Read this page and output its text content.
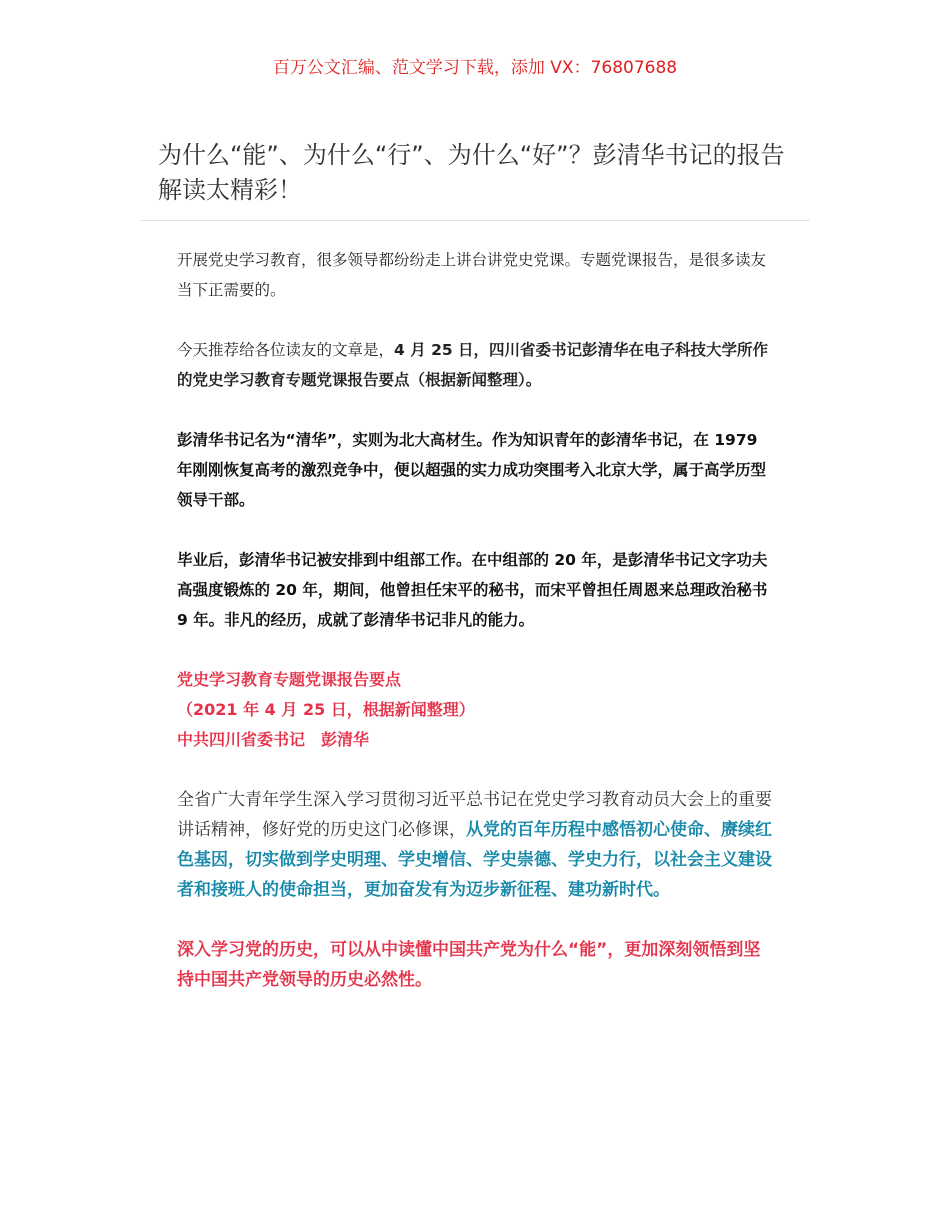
百万公文汇编、范文学习下载，添加 VX：76807688
为什么“能”、为什么“行”、为什么“好”？彭清华书记的报告解读太精彩！

开展党史学习教育，很多领导都纷纷走上讲台讲党史党课。专题党课报告，是很多读友当下正需要的。

今天推荐给各位读友的文章是，4 月 25 日，四川省委书记彭清华在电子科技大学所作的党史学习教育专题党课报告要点（根据新闻整理）。

彭清华书记名为“清华”，实则为北大高材生。作为知识青年的彭清华书记，在 1979 年刚刚恢复高考的激烈竞争中，便以超强的实力成功突围考入北京大学，属于高学历型领导干部。

毕业后，彭清华书记被安排到中组部工作。在中组部的 20 年，是彭清华书记文字功夫高强度锻炼的 20 年，期间，他曾担任宋平的秘书，而宋平曾担任周恩来总理政治秘书 9 年。非凡的经历，成就了彭清华书记非凡的能力。

党史学习教育专题党课报告要点
（2021 年 4 月 25 日，根据新闻整理）
中共四川省委书记　彭清华

全省广大青年学生深入学习贯彻习近平总书记在党史学习教育动员大会上的重要讲话精神，修好党的历史这门必修课，从党的百年历程中感悟初心使命、赓续红色基因，切实做到学史明理、学史增信、学史崇德、学史力行，以社会主义建设者和接班人的使命担当，更加奋发有为迈步新征程、建功新时代。

深入学习党的历史，可以从中读懂中国共产党为什么“能”，更加深刻领悟到坚持中国共产党领导的历史必然性。
